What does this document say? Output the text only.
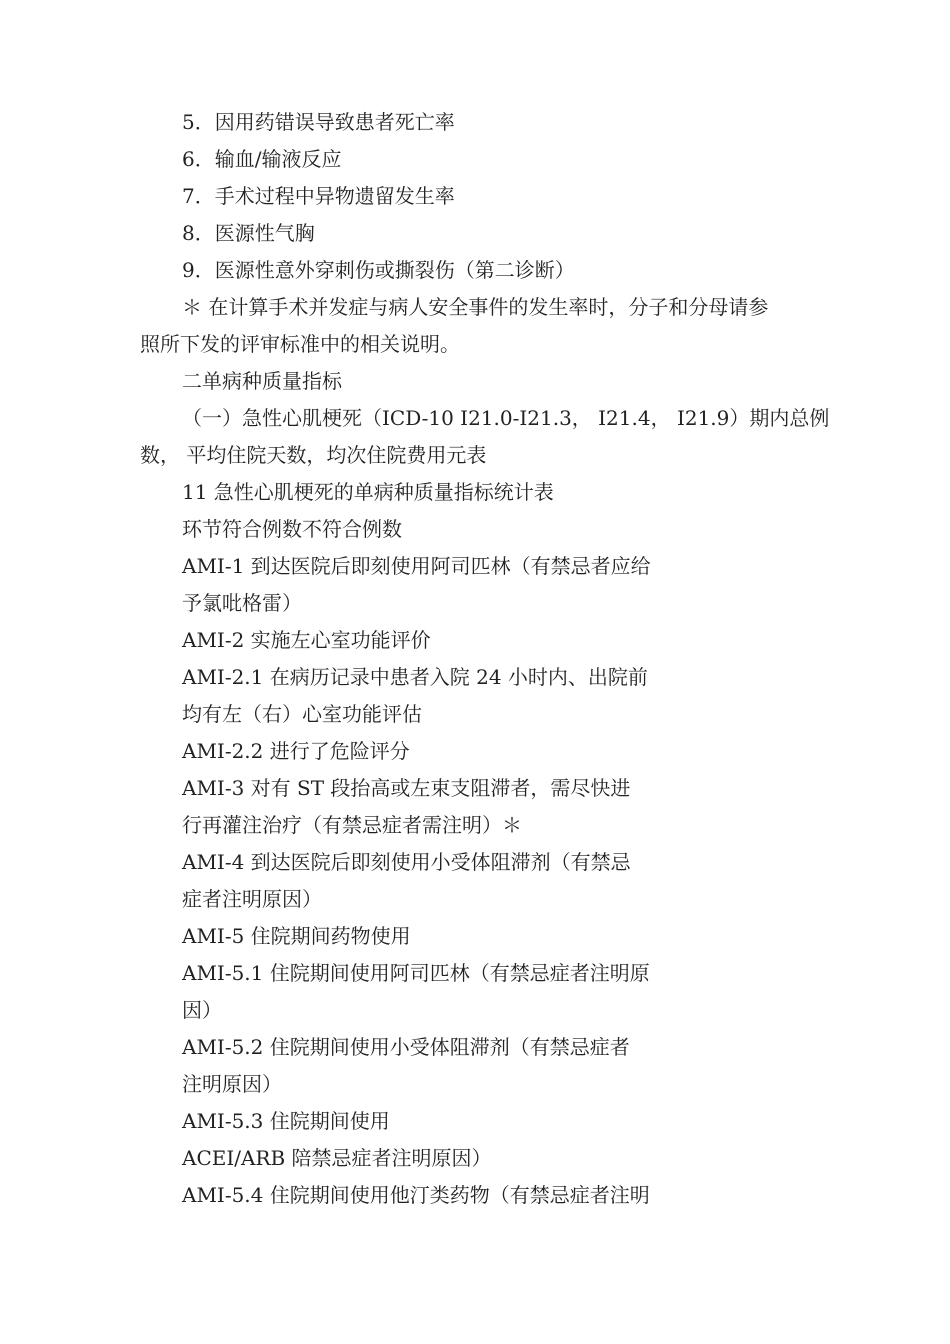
5．因用药错误导致患者死亡率
6．输血/输液反应
7．手术过程中异物遗留发生率
8．医源性气胸
9．医源性意外穿刺伤或撕裂伤（第二诊断）
＊ 在计算手术并发症与病人安全事件的发生率时，分子和分母请参
照所下发的评审标准中的相关说明。
二单病种质量指标
（一）急性心肌梗死（ICD-10 I21.0-I21.3， I21.4， I21.9）期内总例
数， 平均住院天数，均次住院费用元表
11 急性心肌梗死的单病种质量指标统计表
环节符合例数不符合例数
AMI-1 到达医院后即刻使用阿司匹林（有禁忌者应给
予氯吡格雷）
AMI-2 实施左心室功能评价
AMI-2.1 在病历记录中患者入院 24 小时内、出院前
均有左（右）心室功能评估
AMI-2.2 进行了危险评分
AMI-3 对有 ST 段抬高或左束支阻滞者，需尽快进
行再灌注治疗（有禁忌症者需注明）＊
AMI-4 到达医院后即刻使用小受体阻滞剂（有禁忌
症者注明原因）
AMI-5 住院期间药物使用
AMI-5.1 住院期间使用阿司匹林（有禁忌症者注明原
因）
AMI-5.2 住院期间使用小受体阻滞剂（有禁忌症者
注明原因）
AMI-5.3 住院期间使用
ACEI/ARB 陪禁忌症者注明原因）
AMI-5.4 住院期间使用他汀类药物（有禁忌症者注明
